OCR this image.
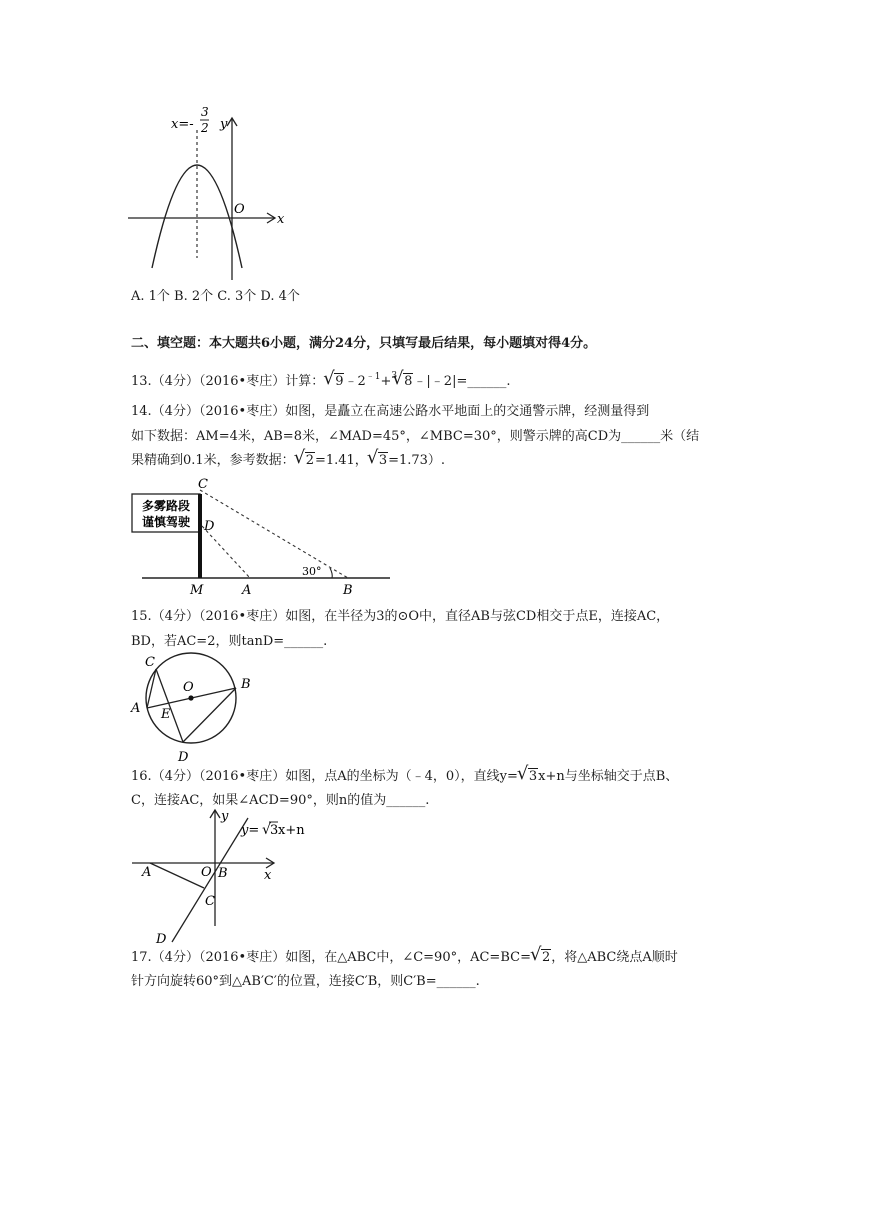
x=-
3
2 y
O
x
A. 1个 B. 2个 C. 3个 D. 4个
二、填空题：本大题共6小题，满分24分，只填写最后结果，每小题填对得4分。
13.（4分）（2016•枣庄）计算：√ $9﹣2^{﹣1}+^3√$ 8﹣|﹣2|=______.
14.（4分）（2016•枣庄）如图，是矗立在高速公路水平地面上的交通警示牌，经测量得到
如下数据：AM=4米，AB=8米，∠MAD=45°，∠MBC=30°，则警示牌的高CD为______米（结
果精确到0.1米，参考数据：√ 2=1.41，√ 3=1.73）.
多雾路段
谨慎驾驶
C
D
30°
M	A	B
15.（4分）（2016•枣庄）如图，在半径为3的⊙O中，直径AB与弦CD相交于点E，连接AC，
BD，若AC=2，则tanD=______.
C
O	B
A E
D
16.（4分）（2016•枣庄）如图，点A的坐标为（﹣4，0），直线y=√ 3x+n与坐标轴交于点B、
C，连接AC，如果∠ACD=90°，则n的值为______.
y
y= √ 3 x+n
A	O B
C
x
D
17.（4分）（2016•枣庄）如图，在△ABC中，∠C=90°，AC=BC=√ 2，将△ABC绕点A顺时
针方向旋转60°到△AB′C′的位置，连接C′B，则C′B=______.
